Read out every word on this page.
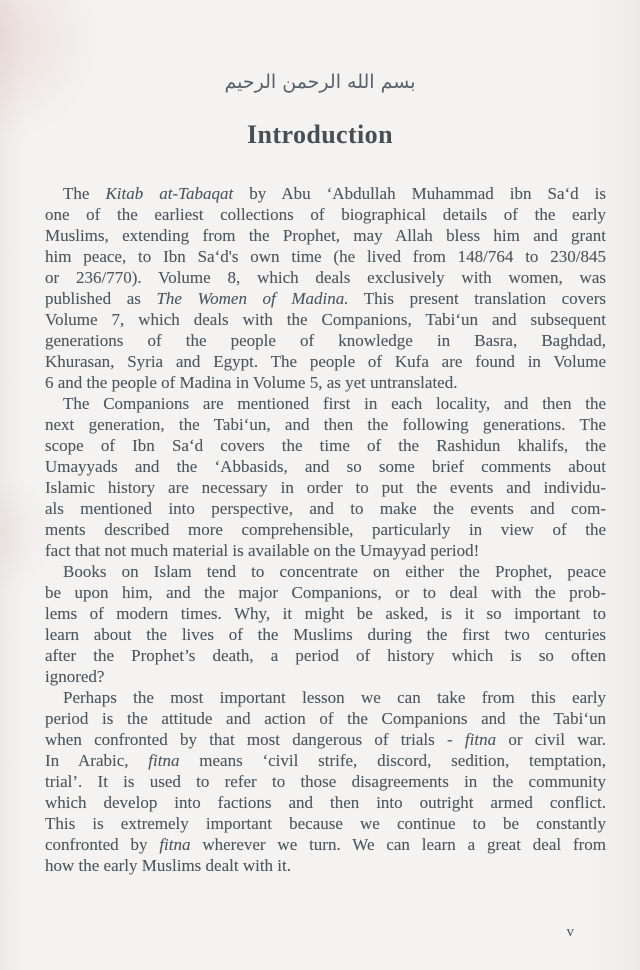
بسم الله الرحمن الرحيم
Introduction

The Kitab at-Tabaqat by Abu ‘Abdullah Muhammad ibn Sa‘d is
one of the earliest collections of biographical details of the early
Muslims, extending from the Prophet, may Allah bless him and grant
him peace, to Ibn Sa‘d's own time (he lived from 148/764 to 230/845
or 236/770). Volume 8, which deals exclusively with women, was
published as The Women of Madina. This present translation covers
Volume 7, which deals with the Companions, Tabi‘un and subsequent
generations of the people of knowledge in Basra, Baghdad,
Khurasan, Syria and Egypt. The people of Kufa are found in Volume
6 and the people of Madina in Volume 5, as yet untranslated.

The Companions are mentioned first in each locality, and then the
next generation, the Tabi‘un, and then the following generations. The
scope of Ibn Sa‘d covers the time of the Rashidun khalifs, the
Umayyads and the ‘Abbasids, and so some brief comments about
Islamic history are necessary in order to put the events and individu-
als mentioned into perspective, and to make the events and com-
ments described more comprehensible, particularly in view of the
fact that not much material is available on the Umayyad period!

Books on Islam tend to concentrate on either the Prophet, peace
be upon him, and the major Companions, or to deal with the prob-
lems of modern times. Why, it might be asked, is it so important to
learn about the lives of the Muslims during the first two centuries
after the Prophet’s death, a period of history which is so often
ignored?

Perhaps the most important lesson we can take from this early
period is the attitude and action of the Companions and the Tabi‘un
when confronted by that most dangerous of trials - fitna or civil war.
In Arabic, fitna means ‘civil strife, discord, sedition, temptation,
trial’. It is used to refer to those disagreements in the community
which develop into factions and then into outright armed conflict.
This is extremely important because we continue to be constantly
confronted by fitna wherever we turn. We can learn a great deal from
how the early Muslims dealt with it.

v
